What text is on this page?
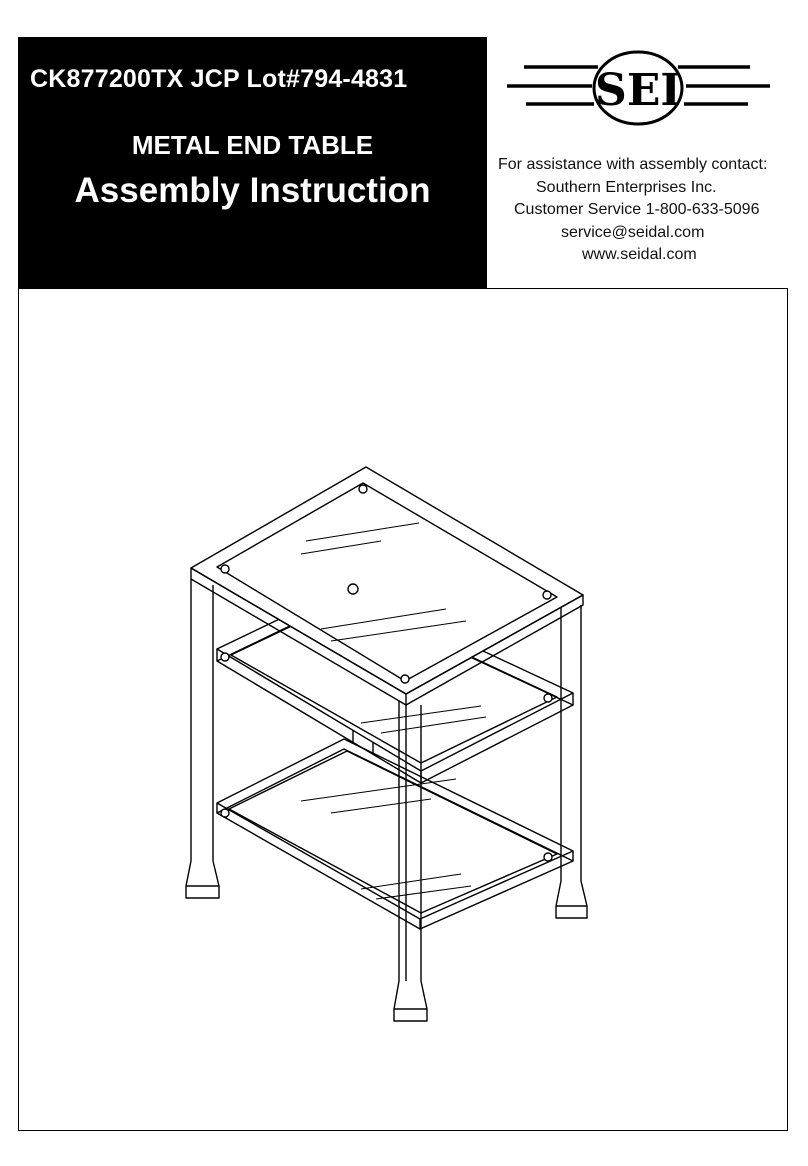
CK877200TX JCP Lot#794-4831
METAL END TABLE
Assembly Instruction
SEI
For assistance with assembly contact:
Southern Enterprises Inc.
Customer Service 1-800-633-5096
service@seidal.com
www.seidal.com
